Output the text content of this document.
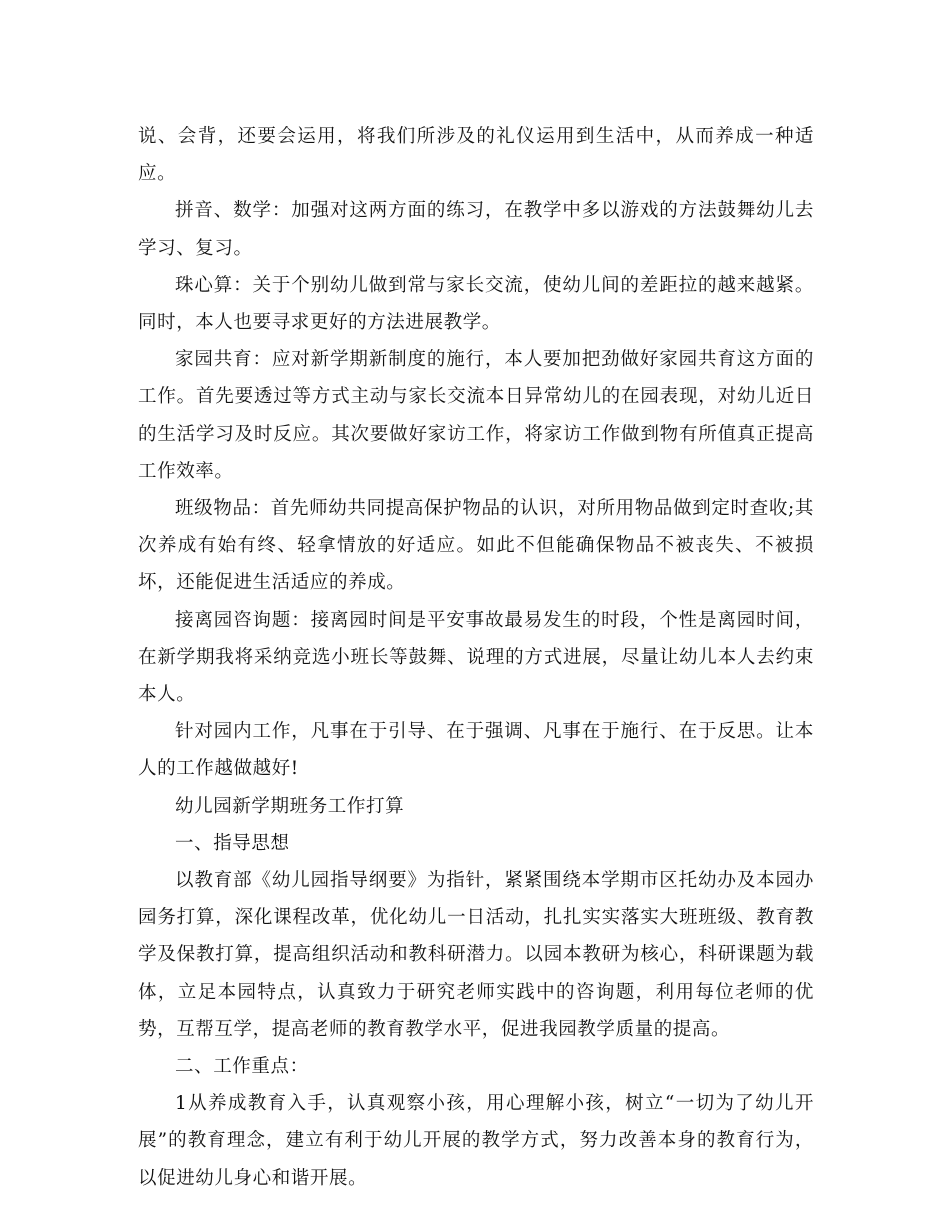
说、会背，还要会运用，将我们所涉及的礼仪运用到生活中，从而养成一种适应。

拼音、数学：加强对这两方面的练习，在教学中多以游戏的方法鼓舞幼儿去学习、复习。

珠心算：关于个别幼儿做到常与家长交流，使幼儿间的差距拉的越来越紧。同时，本人也要寻求更好的方法进展教学。

家园共育：应对新学期新制度的施行，本人要加把劲做好家园共育这方面的工作。首先要透过等方式主动与家长交流本日异常幼儿的在园表现，对幼儿近日的生活学习及时反应。其次要做好家访工作，将家访工作做到物有所值真正提高工作效率。

班级物品：首先师幼共同提高保护物品的认识，对所用物品做到定时查收;其次养成有始有终、轻拿情放的好适应。如此不但能确保物品不被丧失、不被损坏，还能促进生活适应的养成。

接离园咨询题：接离园时间是平安事故最易发生的时段，个性是离园时间，在新学期我将采纳竞选小班长等鼓舞、说理的方式进展，尽量让幼儿本人去约束本人。

针对园内工作，凡事在于引导、在于强调、凡事在于施行、在于反思。让本人的工作越做越好!

幼儿园新学期班务工作打算

一、指导思想

以教育部《幼儿园指导纲要》为指针，紧紧围绕本学期市区托幼办及本园办园务打算，深化课程改革，优化幼儿一日活动，扎扎实实落实大班班级、教育教学及保教打算，提高组织活动和教科研潜力。以园本教研为核心，科研课题为载体，立足本园特点，认真致力于研究老师实践中的咨询题，利用每位老师的优势，互帮互学，提高老师的教育教学水平，促进我园教学质量的提高。

二、工作重点：

1从养成教育入手，认真观察小孩，用心理解小孩，树立“一切为了幼儿开展”的教育理念，建立有利于幼儿开展的教学方式，努力改善本身的教育行为，以促进幼儿身心和谐开展。
